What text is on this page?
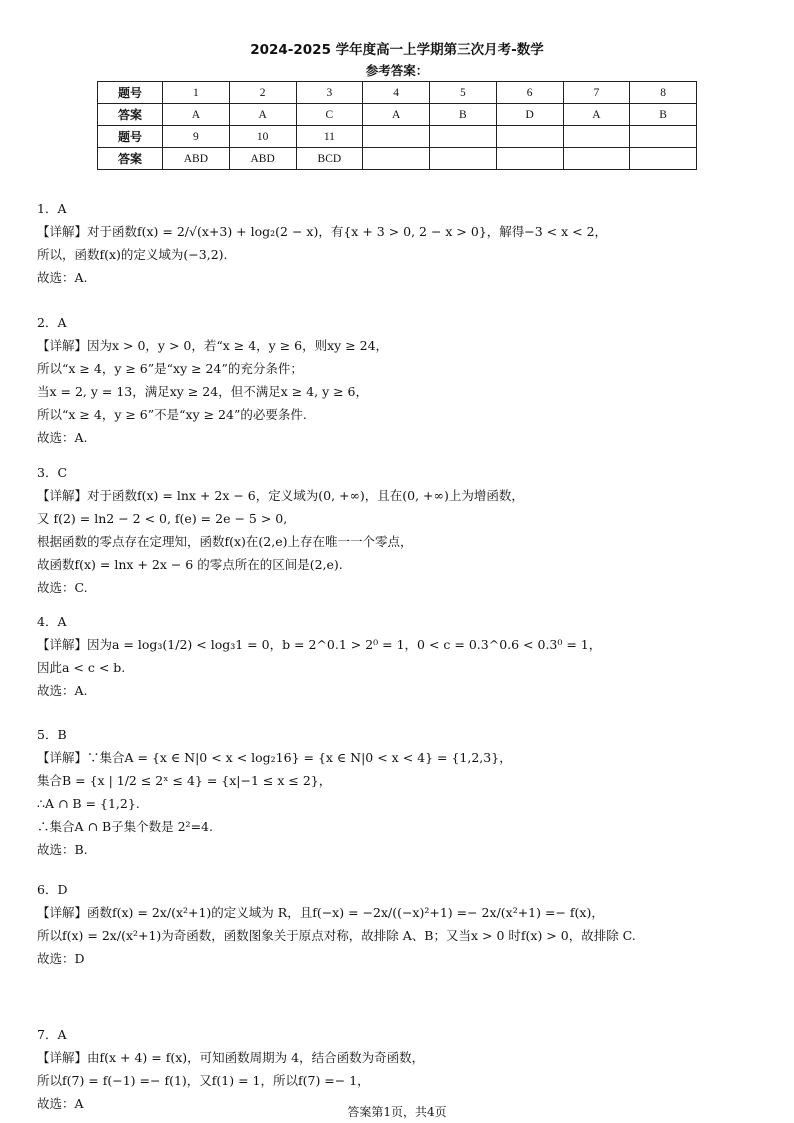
2024-2025 学年度高一上学期第三次月考-数学
参考答案：
题号	1	2	3	4	5	6	7	8
答案	A	A	C	A	B	D	A	B
题号	9	10	11					
答案	ABD	ABD	BCD					
1．A
【详解】对于函数f(x) = 2/√(x+3) + log₂(2 − x)，有{x + 3 > 0, 2 − x > 0}，解得−3 < x < 2，
所以，函数f(x)的定义域为(−3,2).
故选：A.
2．A
【详解】因为x > 0，y > 0，若“x ≥ 4，y ≥ 6，则xy ≥ 24，
所以“x ≥ 4，y ≥ 6”是“xy ≥ 24”的充分条件；
当x = 2, y = 13，满足xy ≥ 24，但不满足x ≥ 4, y ≥ 6，
所以“x ≥ 4，y ≥ 6”不是“xy ≥ 24”的必要条件.
故选：A.
3．C
【详解】对于函数f(x) = lnx + 2x − 6，定义域为(0, +∞)，且在(0, +∞)上为增函数，
又 f(2) = ln2 − 2 < 0, f(e) = 2e − 5 > 0,
根据函数的零点存在定理知，函数f(x)在(2,e)上存在唯一一个零点，
故函数f(x) = lnx + 2x − 6 的零点所在的区间是(2,e).
故选：C.
4．A
【详解】因为a = log₃(1/2) < log₃1 = 0，b = 2^0.1 > 2⁰ = 1，0 < c = 0.3^0.6 < 0.3⁰ = 1，
因此a < c < b.
故选：A.
5．B
【详解】∵集合A = {x ∈ N|0 < x < log₂16} = {x ∈ N|0 < x < 4} = {1,2,3}，
集合B = {x | 1/2 ≤ 2ˣ ≤ 4} = {x|−1 ≤ x ≤ 2}，
∴A ∩ B = {1,2}.
∴集合A ∩ B子集个数是 2²=4.
故选：B.
6．D
【详解】函数f(x) = 2x/(x²+1)的定义域为 R，且f(−x) = −2x/((−x)²+1) =− 2x/(x²+1) =− f(x)，
所以f(x) = 2x/(x²+1)为奇函数，函数图象关于原点对称，故排除 A、B；又当x > 0 时f(x) > 0，故排除 C.
故选：D
7．A
【详解】由f(x + 4) = f(x)，可知函数周期为 4，结合函数为奇函数，
所以f(7) = f(−1) =− f(1)，又f(1) = 1，所以f(7) =− 1，
故选：A
答案第1页，共4页
